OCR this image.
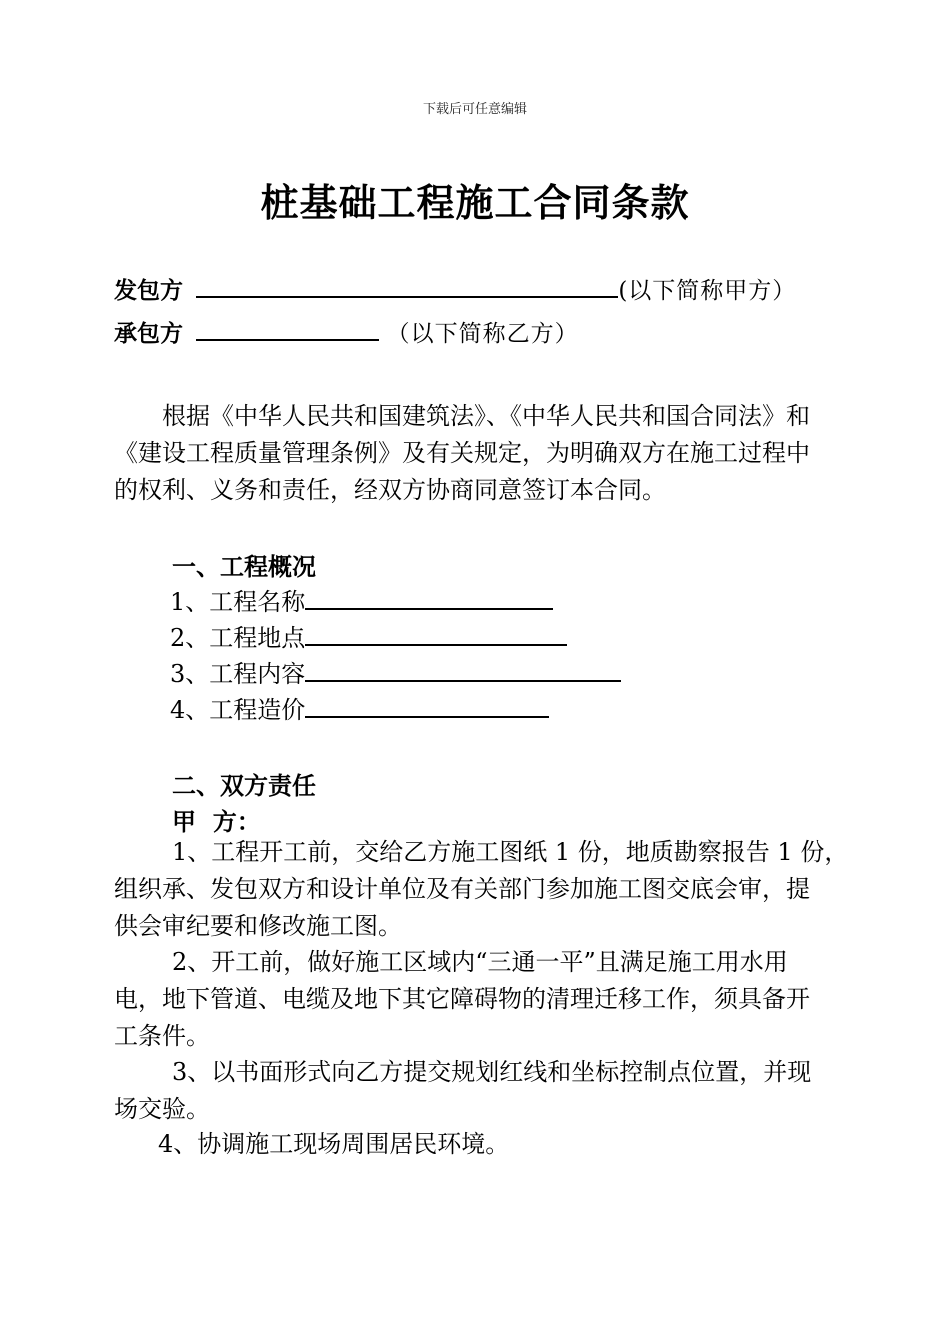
下载后可任意编辑
桩基础工程施工合同条款
发包方	(以下简称甲方）
承包方	（以下简称乙方）
根据《中华人民共和国建筑法》、《中华人民共和国合同法》和
《建设工程质量管理条例》及有关规定，为明确双方在施工过程中
的权利、义务和责任，经双方协商同意签订本合同。
一、工程概况
1、工程名称
2、工程地点
3、工程内容
4、工程造价
二、双方责任
甲  方：
1、工程开工前，交给乙方施工图纸 1 份，地质勘察报告 1 份，
组织承、发包双方和设计单位及有关部门参加施工图交底会审，提
供会审纪要和修改施工图。
2、开工前，做好施工区域内“三通一平”且满足施工用水用
电，地下管道、电缆及地下其它障碍物的清理迁移工作，须具备开
工条件。
3、以书面形式向乙方提交规划红线和坐标控制点位置，并现
场交验。
4、协调施工现场周围居民环境。
